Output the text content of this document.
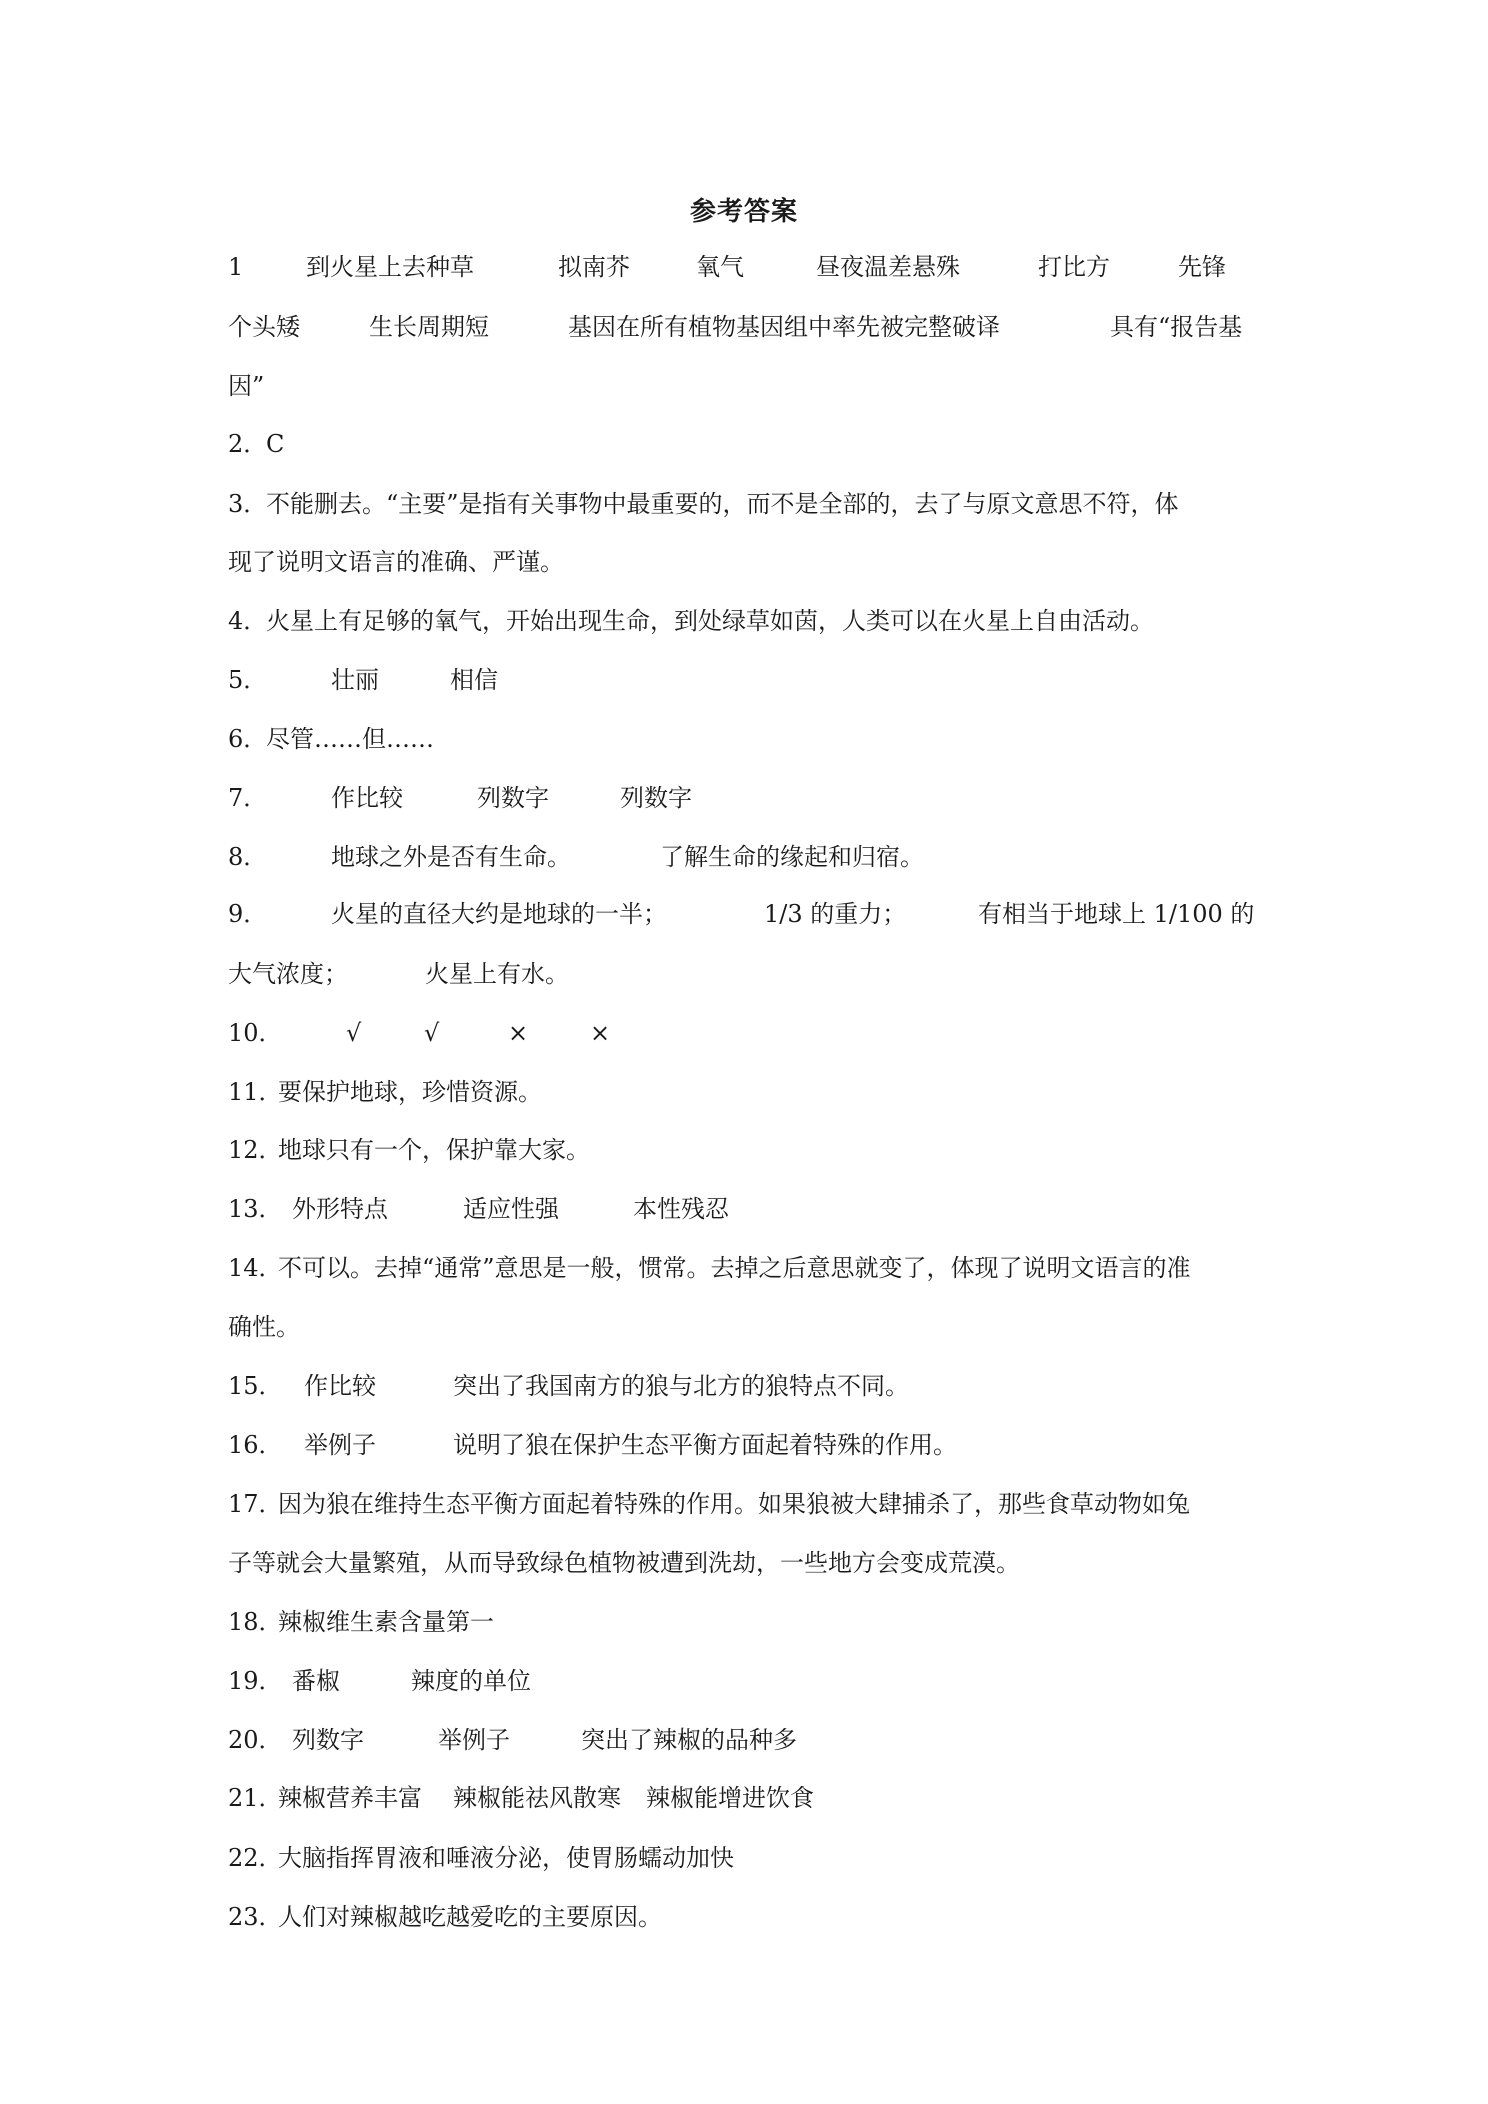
参考答案
1	到火星上去种草	拟南芥	氧气	昼夜温差悬殊	打比方	先锋
个头矮	生长周期短	基因在所有植物基因组中率先被完整破译	具有“报告基
因”
2．
C
3．
不能删去。“主要”是指有关事物中最重要的，而不是全部的，去了与原文意思不符，体
现了说明文语言的准确、严谨。
4．
火星上有足够的氧气，开始出现生命，到处绿草如茵，人类可以在火星上自由活动。
5．	壮丽	相信
6．
尽管……但……
7．	作比较	列数字	列数字
8．	地球之外是否有生命。	了解生命的缘起和归宿。
9．	火星的直径大约是地球的一半；	1/3 的重力；	有相当于地球上 1/100 的
大气浓度；	火星上有水。
10．	√	√	×	×
11．
要保护地球，珍惜资源。
12．
地球只有一个，保护靠大家。
13． 外形特点	适应性强	本性残忍
14．
不可以。去掉“通常”意思是一般，惯常。去掉之后意思就变了，体现了说明文语言的准
确性。
15． 作比较	突出了我国南方的狼与北方的狼特点不同。
16． 举例子	说明了狼在保护生态平衡方面起着特殊的作用。
17．
因为狼在维持生态平衡方面起着特殊的作用。如果狼被大肆捕杀了，那些食草动物如兔
子等就会大量繁殖，从而导致绿色植物被遭到洗劫，一些地方会变成荒漠。
18．
辣椒维生素含量第一
19． 番椒	辣度的单位
20． 列数字	举例子	突出了辣椒的品种多
21．
辣椒营养丰富 辣椒能祛风散寒 辣椒能增进饮食
22．
大脑指挥胃液和唾液分泌，使胃肠蠕动加快
23．
人们对辣椒越吃越爱吃的主要原因。
